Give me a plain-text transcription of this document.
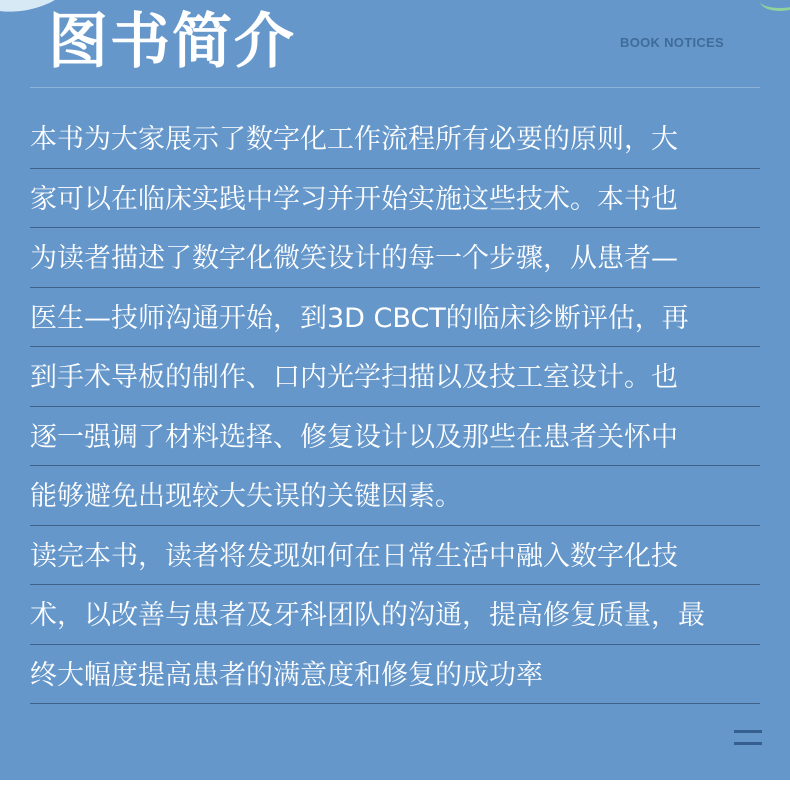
图书简介	BOOK NOTICES
本书为大家展示了数字化工作流程所有必要的原则，大
家可以在临床实践中学习并开始实施这些技术。本书也
为读者描述了数字化微笑设计的每一个步骤，从患者—
医生—技师沟通开始，到3D CBCT的临床诊断评估，再
到手术导板的制作、口内光学扫描以及技工室设计。也
逐一强调了材料选择、修复设计以及那些在患者关怀中
能够避免出现较大失误的关键因素。
读完本书，读者将发现如何在日常生活中融入数字化技
术，以改善与患者及牙科团队的沟通，提高修复质量，最
终大幅度提高患者的满意度和修复的成功率
